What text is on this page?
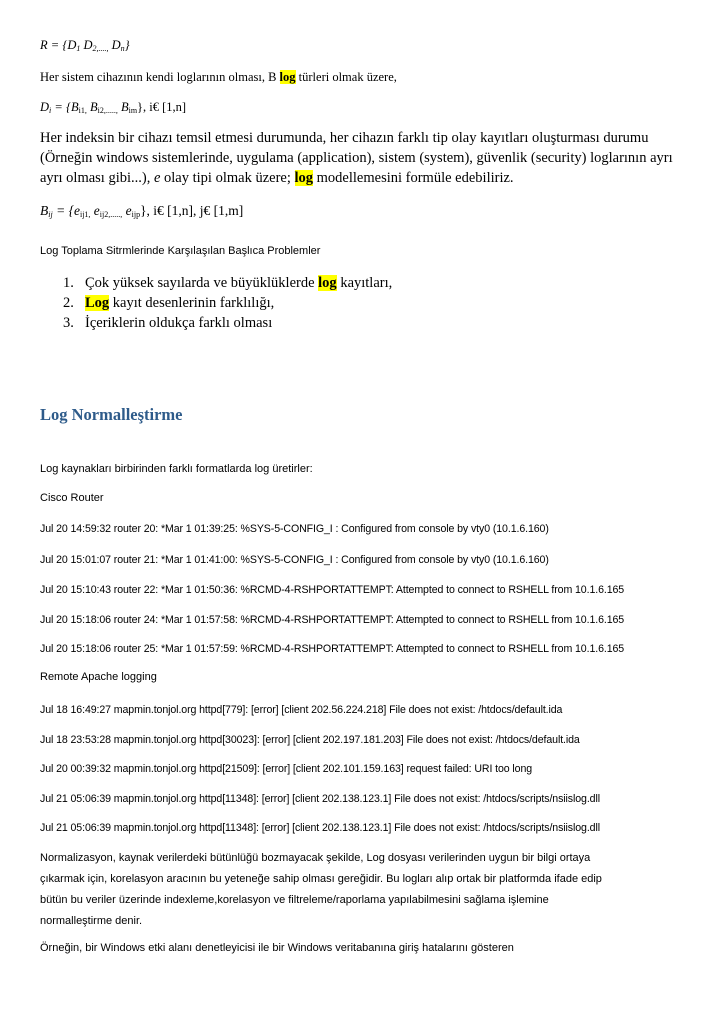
$R = \{D_1$ $D_{2,....,}$ $D_n$}
Her sistem cihazının kendi loglarının olması, B log türleri olmak üzere,
$D_i = \{B_{i1,}$ $B_{i2,.....,}$ $B_{im}$}, i€ [1,n]
Her indeksin bir cihazı temsil etmesi durumunda, her cihazın farklı tip olay kayıtları oluşturması durumu
(Örneğin windows sistemlerinde, uygulama (application), sistem (system), güvenlik (security) loglarının ayrı
ayrı olması gibi...), e olay tipi olmak üzere; log modellemesini formüle edebiliriz.
$B_{ij} = \{e_{ij1,}$ $e_{ij2,.....,}$ $e_{ijp}$}, i€ [1,n], j€ [1,m]
Log Toplama Sitrmlerinde Karşılaşılan Başlıca Problemler
1. Çok yüksek sayılarda ve büyüklüklerde log kayıtları,
2. Log kayıt desenlerinin farklılığı,
3. İçeriklerin oldukça farklı olması
Log Normalleştirme
Log kaynakları birbirinden farklı formatlarda log üretirler:
Cisco Router
Jul 20 14:59:32 router 20: *Mar 1 01:39:25: %SYS-5-CONFIG_I : Configured from console by vty0 (10.1.6.160)
Jul 20 15:01:07 router 21: *Mar 1 01:41:00: %SYS-5-CONFIG_I : Configured from console by vty0 (10.1.6.160)
Jul 20 15:10:43 router 22: *Mar 1 01:50:36: %RCMD-4-RSHPORTATTEMPT: Attempted to connect to RSHELL from 10.1.6.165
Jul 20 15:18:06 router 24: *Mar 1 01:57:58: %RCMD-4-RSHPORTATTEMPT: Attempted to connect to RSHELL from 10.1.6.165
Jul 20 15:18:06 router 25: *Mar 1 01:57:59: %RCMD-4-RSHPORTATTEMPT: Attempted to connect to RSHELL from 10.1.6.165
Remote Apache logging
Jul 18 16:49:27 mapmin.tonjol.org httpd[779]: [error] [client 202.56.224.218] File does not exist: /htdocs/default.ida
Jul 18 23:53:28 mapmin.tonjol.org httpd[30023]: [error] [client 202.197.181.203] File does not exist: /htdocs/default.ida
Jul 20 00:39:32 mapmin.tonjol.org httpd[21509]: [error] [client 202.101.159.163] request failed: URI too long
Jul 21 05:06:39 mapmin.tonjol.org httpd[11348]: [error] [client 202.138.123.1] File does not exist: /htdocs/scripts/nsiislog.dll
Jul 21 05:06:39 mapmin.tonjol.org httpd[11348]: [error] [client 202.138.123.1] File does not exist: /htdocs/scripts/nsiislog.dll
Normalizasyon, kaynak verilerdeki bütünlüğü bozmayacak şekilde, Log dosyası verilerinden uygun bir bilgi ortaya
çıkarmak için, korelasyon aracının bu yeteneğe sahip olması gereğidir. Bu logları alıp ortak bir platformda ifade edip
bütün bu veriler üzerinde indexleme,korelasyon ve filtreleme/raporlama yapılabilmesini sağlama işlemine
normalleştirme denir.
Örneğin, bir Windows etki alanı denetleyicisi ile bir Windows veritabanına giriş hatalarını gösteren
